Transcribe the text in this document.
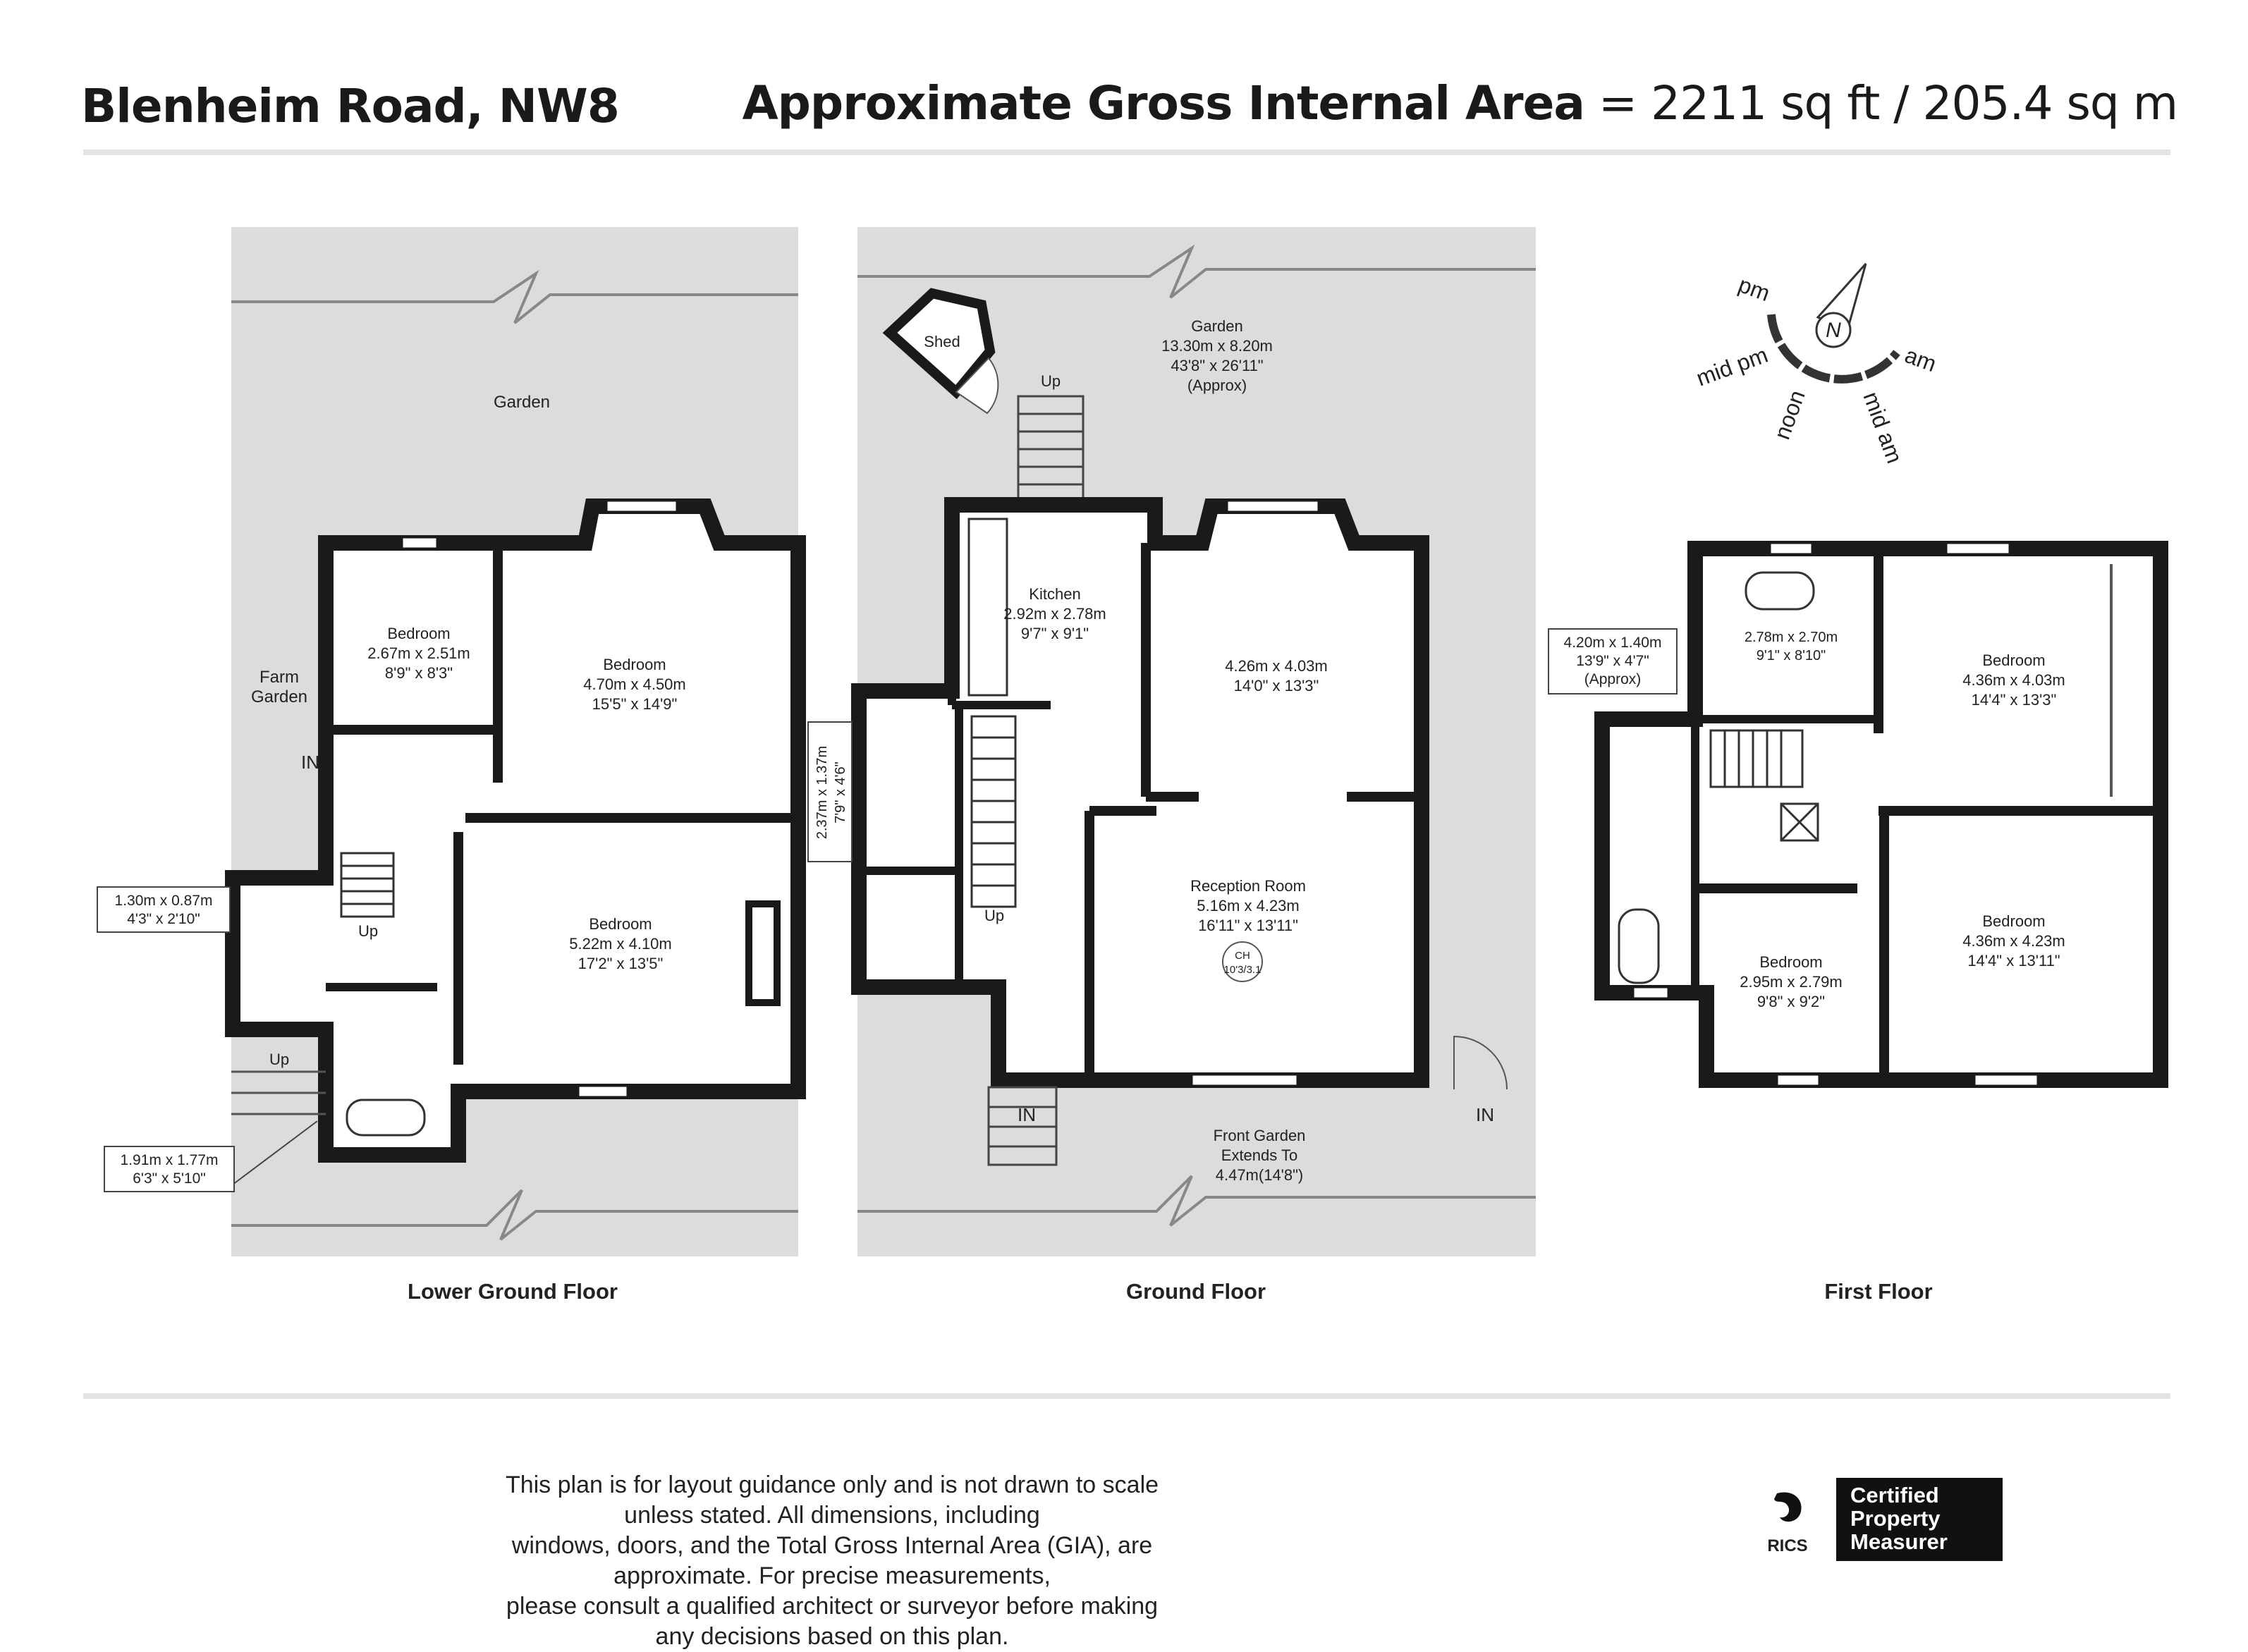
Blenheim Road, NW8	Approximate Gross Internal Area = 2211 sq ft / 205.4 sq m
Garden
Farm
Garden
IN
Up
Up
Bedroom
2.67m x 2.51m
8'9" x 8'3"	Bedroom
4.70m x 4.50m
15'5" x 14'9"
Bedroom
5.22m x 4.10m
17'2" x 13'5"
1.30m x 0.87m
4'3" x 2'10"
1.91m x 1.77m
6'3" x 5'10"
Lower Ground Floor
Shed
Garden
13.30m x 8.20m
43'8" x 26'11"
(Approx)
Up
Up
Kitchen
2.92m x 2.78m
9'7" x 9'1"
4.26m x 4.03m
14'0" x 13'3"
Reception Room
5.16m x 4.23m
16'11" x 13'11"
CH
10'3/3.1
2.37m x 1.37m 7'9" x 4'6"
Front Garden
Extends To
4.47m(14'8")
IN	IN
Ground Floor
2.78m x 2.70m
9'1" x 8'10"
4.20m x 1.40m
13'9" x 4'7"
(Approx)
Bedroom
4.36m x 4.03m
14'4" x 13'3"
Bedroom
4.36m x 4.23m
14'4" x 13'11"
Bedroom
2.95m x 2.79m
9'8" x 9'2"
First Floor
N
pm
am
mid pm
mid am
noon
This plan is for layout guidance only and is not drawn to scale unless stated. All dimensions, including
windows, doors, and the Total Gross Internal Area (GIA), are approximate. For precise measurements,
please consult a qualified architect or surveyor before making any decisions based on this plan.
RICS
Certified
Property
Measurer
